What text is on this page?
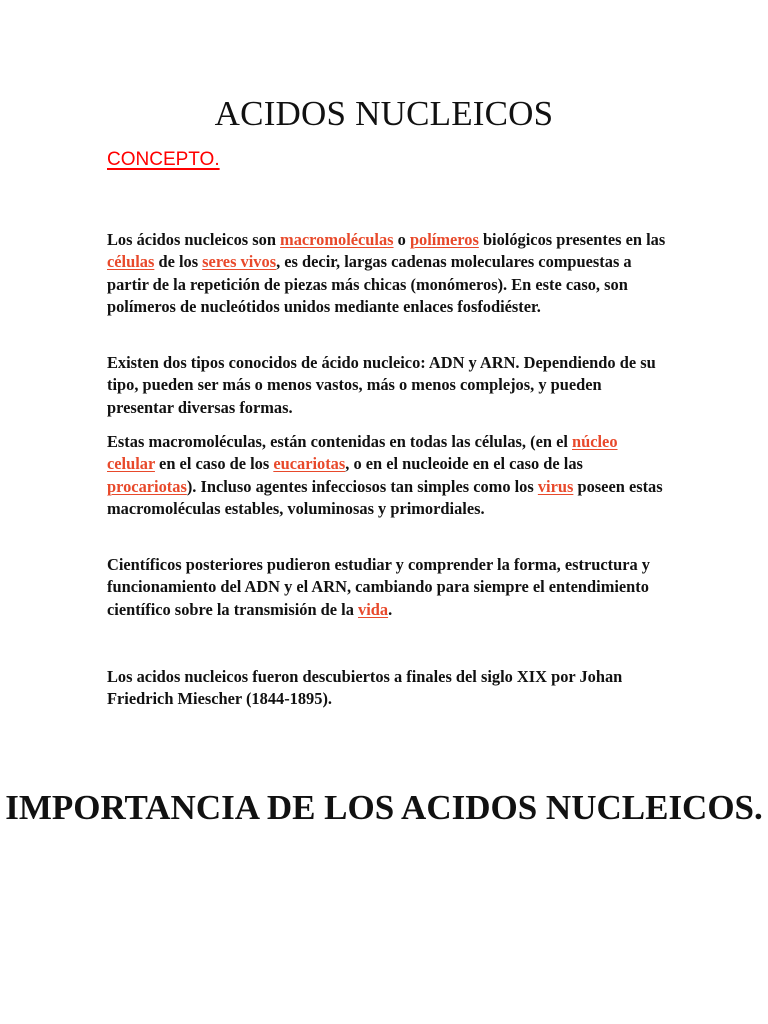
ACIDOS NUCLEICOS
CONCEPTO.

Los ácidos nucleicos son macromoléculas o polímeros biológicos presentes en las células de los seres vivos, es decir, largas cadenas moleculares compuestas a partir de la repetición de piezas más chicas (monómeros). En este caso, son polímeros de nucleótidos unidos mediante enlaces fosfodiéster.

Existen dos tipos conocidos de ácido nucleico: ADN y ARN. Dependiendo de su tipo, pueden ser más o menos vastos, más o menos complejos, y pueden presentar diversas formas.

Estas macromoléculas, están contenidas en todas las células, (en el núcleo celular en el caso de los eucariotas, o en el nucleoide en el caso de las procariotas). Incluso agentes infecciosos tan simples como los virus poseen estas macromoléculas estables, voluminosas y primordiales.

Científicos posteriores pudieron estudiar y comprender la forma, estructura y funcionamiento del ADN y el ARN, cambiando para siempre el entendimiento científico sobre la transmisión de la vida.

Los acidos nucleicos fueron descubiertos a finales del siglo XIX por Johan Friedrich Miescher (1844-1895).

IMPORTANCIA DE LOS ACIDOS NUCLEICOS.
